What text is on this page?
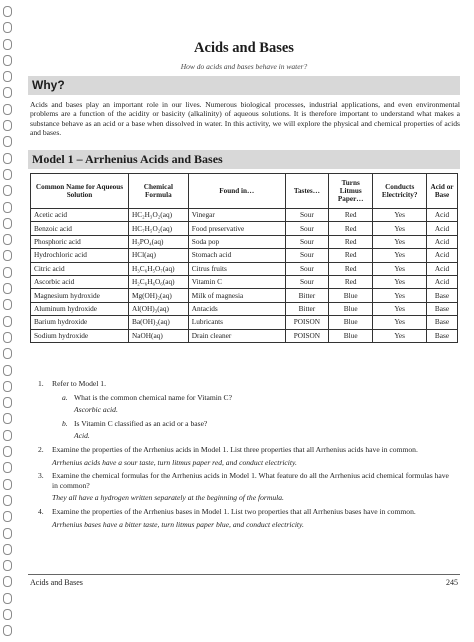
Acids and Bases
How do acids and bases behave in water?
Why?
Acids and bases play an important role in our lives. Numerous biological processes, industrial applications, and even environmental problems are a function of the acidity or basicity (alkalinity) of aqueous solutions. It is therefore important to understand what makes a substance behave as an acid or a base when dissolved in water. In this activity, we will explore the physical and chemical properties of acids and bases.
Model 1 – Arrhenius Acids and Bases
Common Name for Aqueous Solution	Chemical Formula	Found in…	Tastes…	Turns Litmus Paper…	Conducts Electricity?	Acid or Base
Acetic acid	HC₂H₃O₂(aq)	Vinegar	Sour	Red	Yes	Acid
Benzoic acid	HC₇H₅O₂(aq)	Food preservative	Sour	Red	Yes	Acid
Phosphoric acid	H₃PO₄(aq)	Soda pop	Sour	Red	Yes	Acid
Hydrochloric acid	HCl(aq)	Stomach acid	Sour	Red	Yes	Acid
Citric acid	H₃C₆H₅O₇(aq)	Citrus fruits	Sour	Red	Yes	Acid
Ascorbic acid	H₂C₆H₆O₆(aq)	Vitamin C	Sour	Red	Yes	Acid
Magnesium hydroxide	Mg(OH)₂(aq)	Milk of magnesia	Bitter	Blue	Yes	Base
Aluminum hydroxide	Al(OH)₃(aq)	Antacids	Bitter	Blue	Yes	Base
Barium hydroxide	Ba(OH)₂(aq)	Lubricants	POISON	Blue	Yes	Base
Sodium hydroxide	NaOH(aq)	Drain cleaner	POISON	Blue	Yes	Base
1. Refer to Model 1.
a. What is the common chemical name for Vitamin C?
Ascorbic acid.
b. Is Vitamin C classified as an acid or a base?
Acid.
2. Examine the properties of the Arrhenius acids in Model 1. List three properties that all Arrhenius acids have in common.
Arrhenius acids have a sour taste, turn litmus paper red, and conduct electricity.
3. Examine the chemical formulas for the Arrhenius acids in Model 1. What feature do all the Arrhenius acid chemical formulas have in common?
They all have a hydrogen written separately at the beginning of the formula.
4. Examine the properties of the Arrhenius bases in Model 1. List two properties that all Arrhenius bases have in common.
Arrhenius bases have a bitter taste, turn litmus paper blue, and conduct electricity.
Acids and Bases	245
